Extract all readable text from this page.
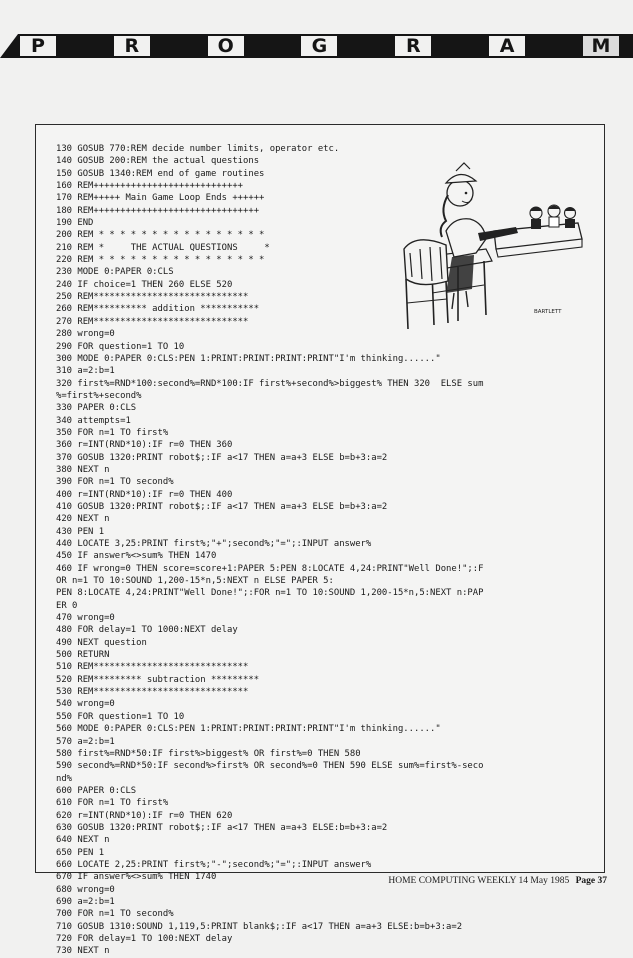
P	R	O	G	R	A	M
130 GOSUB 770:REM decide number limits, operator etc.
140 GOSUB 200:REM the actual questions
150 GOSUB 1340:REM end of game routines
160 REM++++++++++++++++++++++++++++
170 REM+++++ Main Game Loop Ends ++++++
180 REM+++++++++++++++++++++++++++++++
190 END
200 REM * * * * * * * * * * * * * * * *
210 REM *     THE ACTUAL QUESTIONS     *
220 REM * * * * * * * * * * * * * * * *
230 MODE 0:PAPER 0:CLS
240 IF choice=1 THEN 260 ELSE 520
250 REM*****************************
260 REM********** addition ***********
270 REM*****************************
280 wrong=0
290 FOR question=1 TO 10
300 MODE 0:PAPER 0:CLS:PEN 1:PRINT:PRINT:PRINT:PRINT"I'm thinking......"
310 a=2:b=1
320 first%=RND*100:second%=RND*100:IF first%+second%>biggest% THEN 320  ELSE sum
%=first%+second%
330 PAPER 0:CLS
340 attempts=1
350 FOR n=1 TO first%
360 r=INT(RND*10):IF r=0 THEN 360
370 GOSUB 1320:PRINT robot$;:IF a<17 THEN a=a+3 ELSE b=b+3:a=2
380 NEXT n
390 FOR n=1 TO second%
400 r=INT(RND*10):IF r=0 THEN 400
410 GOSUB 1320:PRINT robot$;:IF a<17 THEN a=a+3 ELSE b=b+3:a=2
420 NEXT n
430 PEN 1
440 LOCATE 3,25:PRINT first%;"+";second%;"=";:INPUT answer%
450 IF answer%<>sum% THEN 1470
460 IF wrong=0 THEN score=score+1:PAPER 5:PEN 8:LOCATE 4,24:PRINT"Well Done!";:F
OR n=1 TO 10:SOUND 1,200-15*n,5:NEXT n ELSE PAPER 5:
PEN 8:LOCATE 4,24:PRINT"Well Done!";:FOR n=1 TO 10:SOUND 1,200-15*n,5:NEXT n:PAP
ER 0
470 wrong=0
480 FOR delay=1 TO 1000:NEXT delay
490 NEXT question
500 RETURN
510 REM*****************************
520 REM********* subtraction *********
530 REM*****************************
540 wrong=0
550 FOR question=1 TO 10
560 MODE 0:PAPER 0:CLS:PEN 1:PRINT:PRINT:PRINT:PRINT"I'm thinking......"
570 a=2:b=1
580 first%=RND*50:IF first%>biggest% OR first%=0 THEN 580
590 second%=RND*50:IF second%>first% OR second%=0 THEN 590 ELSE sum%=first%-seco
nd%
600 PAPER 0:CLS
610 FOR n=1 TO first%
620 r=INT(RND*10):IF r=0 THEN 620
630 GOSUB 1320:PRINT robot$;:IF a<17 THEN a=a+3 ELSE:b=b+3:a=2
640 NEXT n
650 PEN 1
660 LOCATE 2,25:PRINT first%;"-";second%;"=";:INPUT answer%
670 IF answer%<>sum% THEN 1740
680 wrong=0
690 a=2:b=1
700 FOR n=1 TO second%
710 GOSUB 1310:SOUND 1,119,5:PRINT blank$;:IF a<17 THEN a=a+3 ELSE:b=b+3:a=2
720 FOR delay=1 TO 100:NEXT delay
730 NEXT n
BARTLETT
HOME COMPUTING WEEKLY 14 May 1985 Page 37
